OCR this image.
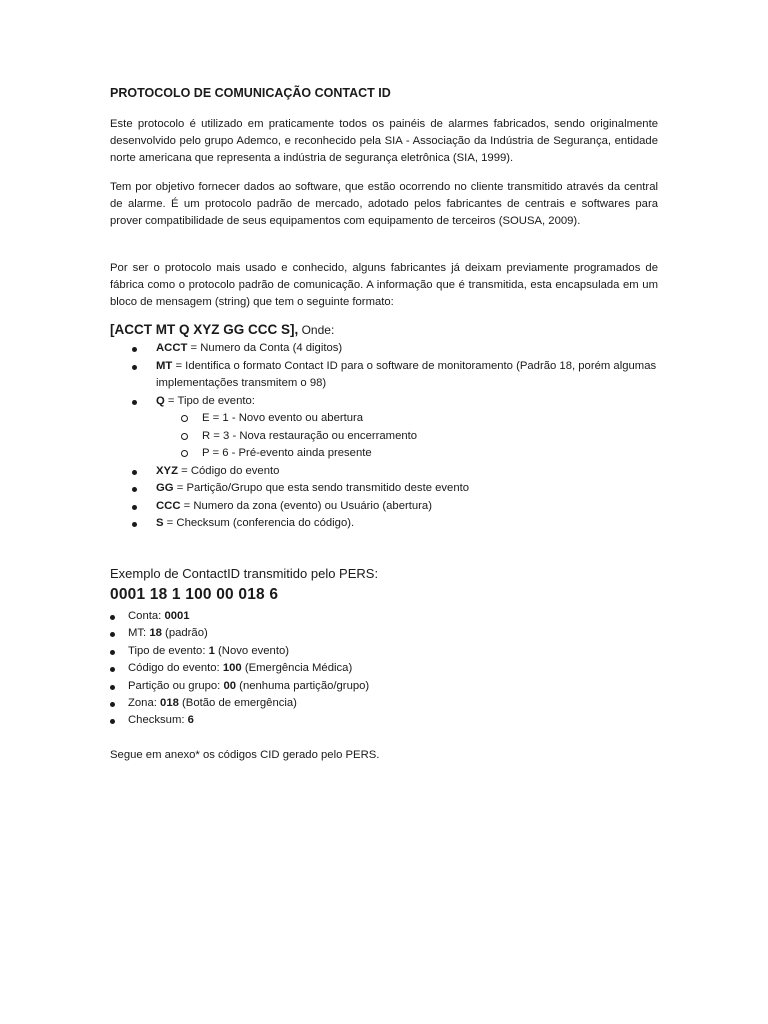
PROTOCOLO DE COMUNICAÇÃO CONTACT ID
Este protocolo é utilizado em praticamente todos os painéis de alarmes fabricados, sendo originalmente desenvolvido pelo grupo Ademco, e reconhecido pela SIA - Associação da Indústria de Segurança, entidade norte americana que representa a indústria de segurança eletrônica (SIA, 1999).
Tem por objetivo fornecer dados ao software, que estão ocorrendo no cliente transmitido através da central de alarme. É um protocolo padrão de mercado, adotado pelos fabricantes de centrais e softwares para prover compatibilidade de seus equipamentos com equipamento de terceiros (SOUSA, 2009).
Por ser o protocolo mais usado e conhecido, alguns fabricantes já deixam previamente programados de fábrica como o protocolo padrão de comunicação. A informação que é transmitida, esta encapsulada em um bloco de mensagem (string) que tem o seguinte formato:
[ACCT MT Q XYZ GG CCC S], Onde:
ACCT = Numero da Conta (4 digitos)
MT = Identifica o formato Contact ID para o software de monitoramento (Padrão 18, porém algumas implementações transmitem o 98)
Q = Tipo de evento:
E = 1 - Novo evento ou abertura
R = 3 - Nova restauração ou encerramento
P = 6 - Pré-evento ainda presente
XYZ = Código do evento
GG = Partição/Grupo que esta sendo transmitido deste evento
CCC = Numero da zona (evento) ou Usuário (abertura)
S = Checksum (conferencia do código).
Exemplo de ContactID transmitido pelo PERS:
0001 18 1 100 00 018 6
Conta: 0001
MT: 18 (padrão)
Tipo de evento: 1 (Novo evento)
Código do evento: 100 (Emergência Médica)
Partição ou grupo: 00 (nenhuma partição/grupo)
Zona: 018 (Botão de emergência)
Checksum: 6
Segue em anexo* os códigos CID gerado pelo PERS.
